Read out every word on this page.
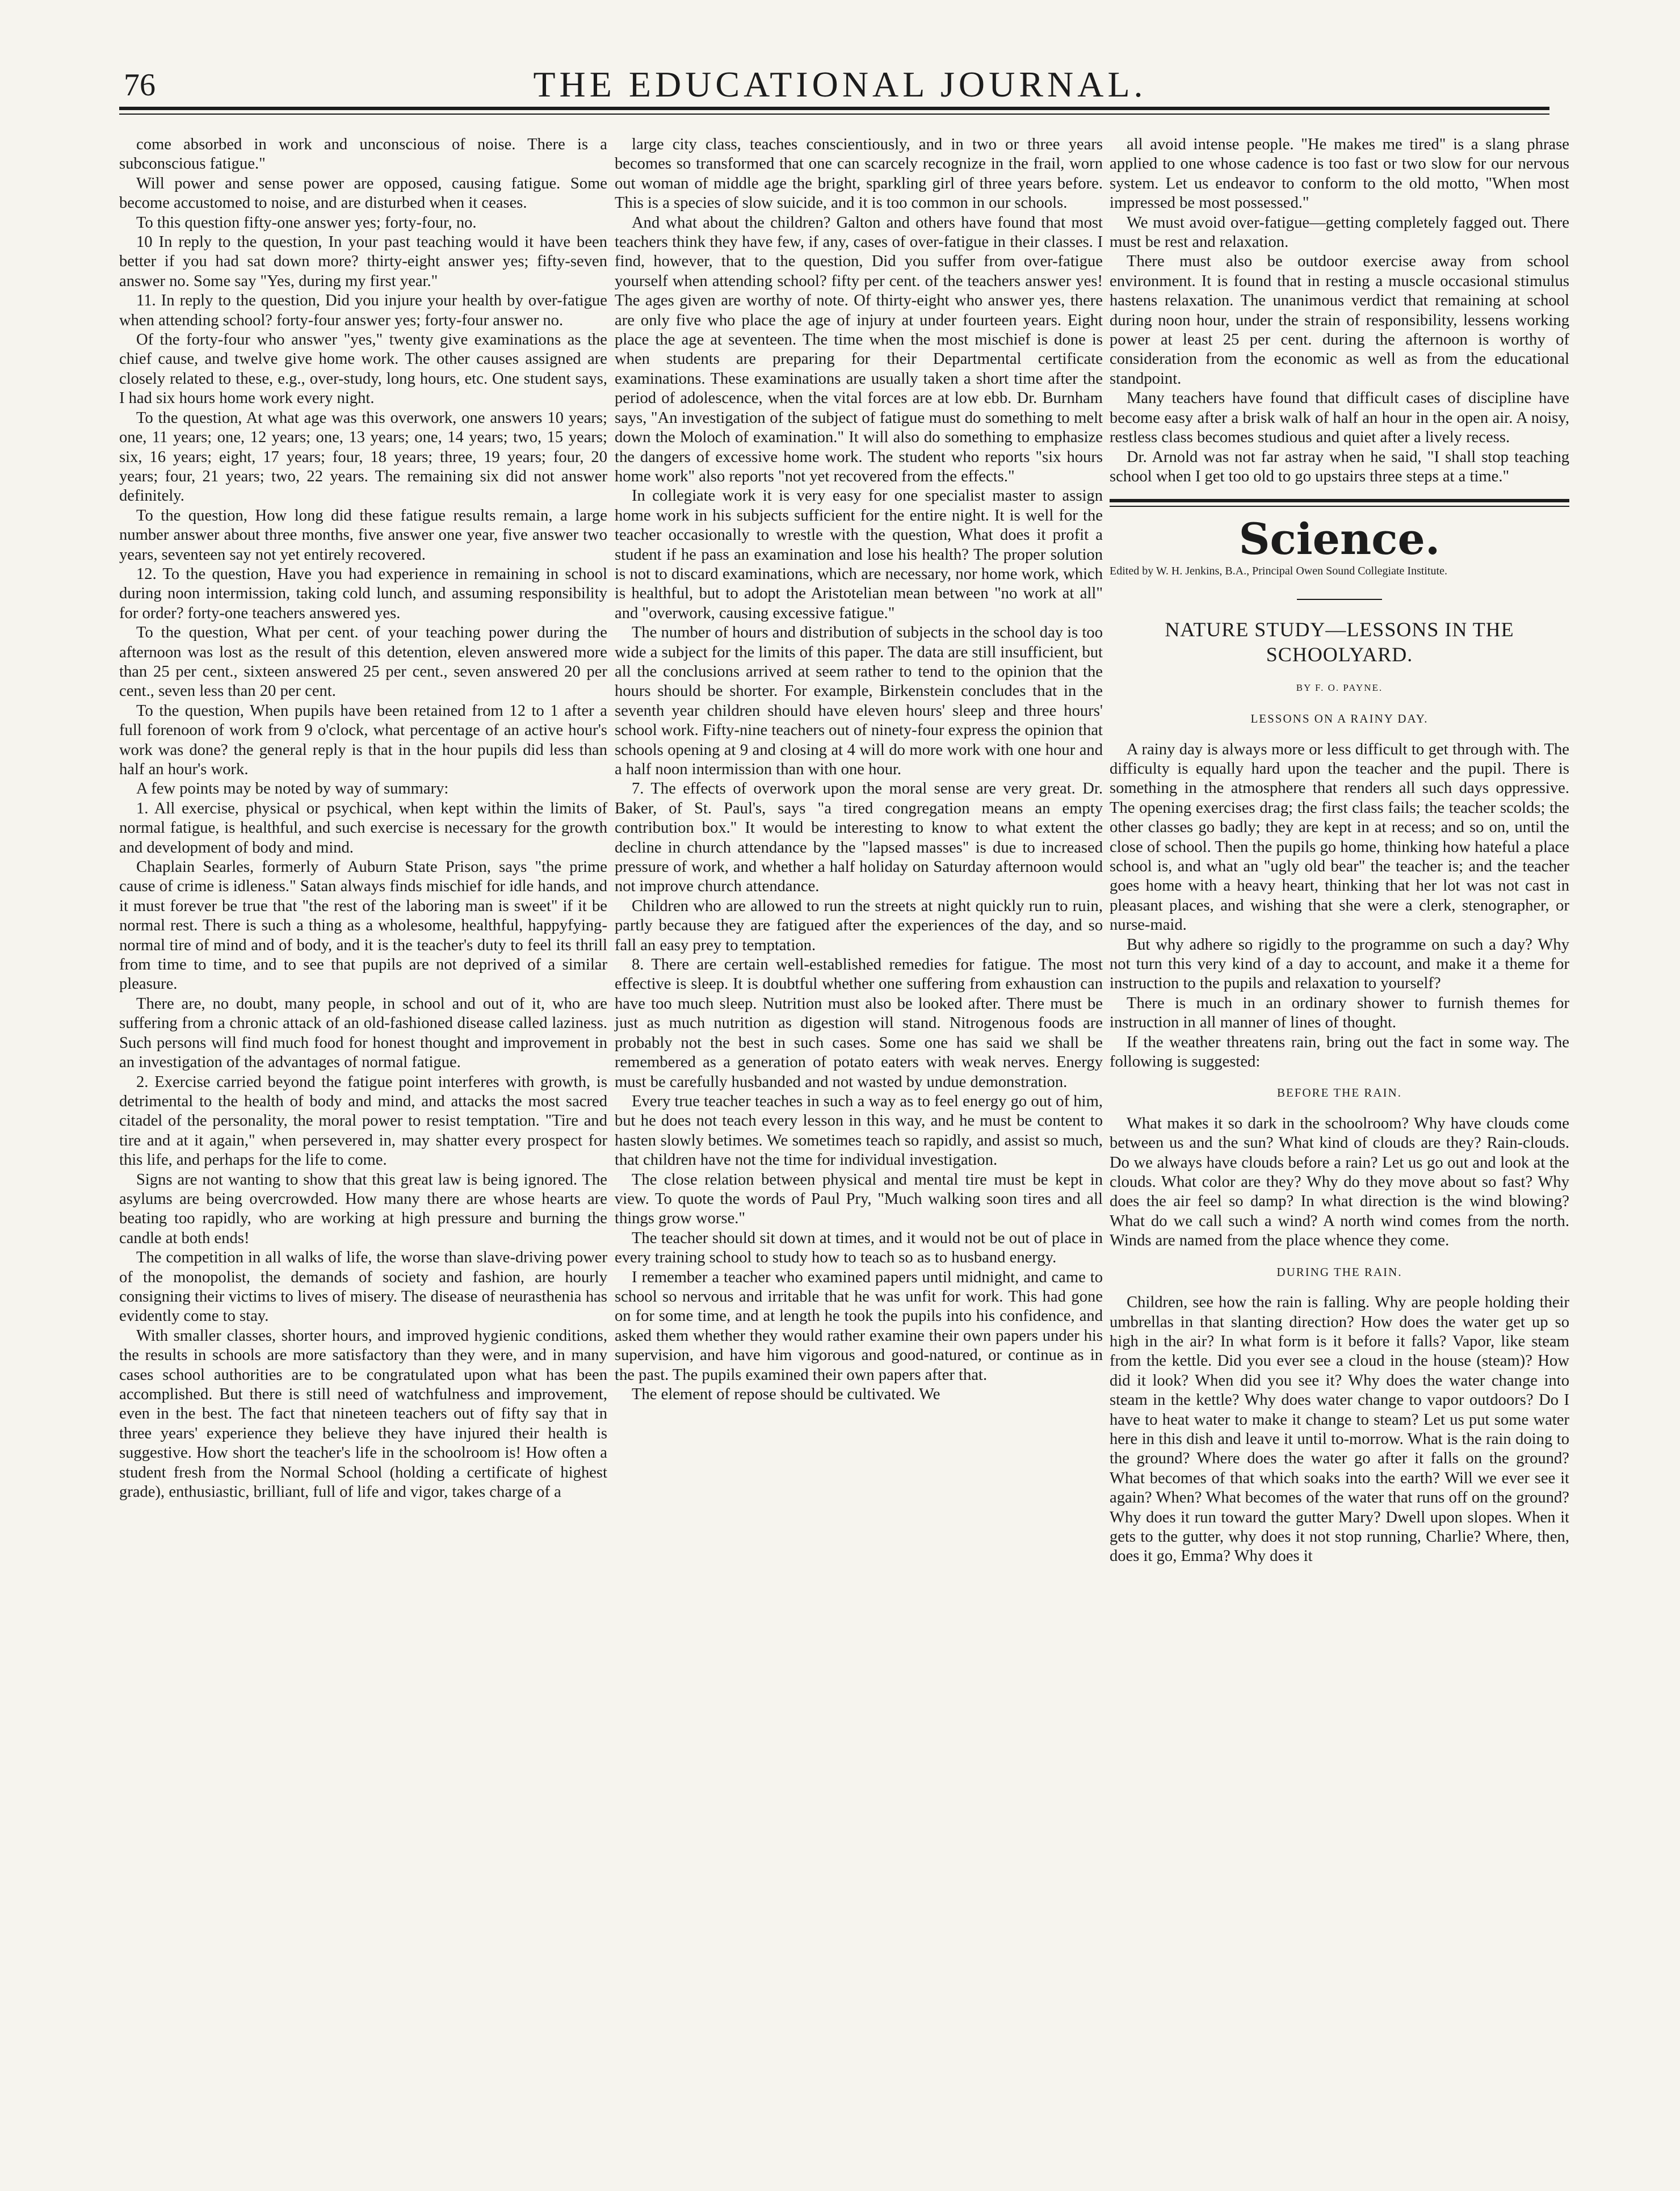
76	THE EDUCATIONAL JOURNAL.

come absorbed in work and unconscious of noise. There is a subconscious fatigue."

Will power and sense power are opposed, causing fatigue. Some become accustomed to noise, and are disturbed when it ceases.

To this question fifty-one answer yes; forty-four, no.

10 In reply to the question, In your past teaching would it have been better if you had sat down more? thirty-eight answer yes; fifty-seven answer no. Some say "Yes, during my first year."

11. In reply to the question, Did you injure your health by over-fatigue when attending school? forty-four answer yes; forty-four answer no.

Of the forty-four who answer "yes," twenty give examinations as the chief cause, and twelve give home work. The other causes assigned are closely related to these, e.g., over-study, long hours, etc. One student says, I had six hours home work every night.

To the question, At what age was this overwork, one answers 10 years; one, 11 years; one, 12 years; one, 13 years; one, 14 years; two, 15 years; six, 16 years; eight, 17 years; four, 18 years; three, 19 years; four, 20 years; four, 21 years; two, 22 years. The remaining six did not answer definitely.

To the question, How long did these fatigue results remain, a large number answer about three months, five answer one year, five answer two years, seventeen say not yet entirely recovered.

12. To the question, Have you had experience in remaining in school during noon intermission, taking cold lunch, and assuming responsibility for order? forty-one teachers answered yes.

To the question, What per cent. of your teaching power during the afternoon was lost as the result of this detention, eleven answered more than 25 per cent., sixteen answered 25 per cent., seven answered 20 per cent., seven less than 20 per cent.

To the question, When pupils have been retained from 12 to 1 after a full forenoon of work from 9 o'clock, what percentage of an active hour's work was done? the general reply is that in the hour pupils did less than half an hour's work.

A few points may be noted by way of summary:

1. All exercise, physical or psychical, when kept within the limits of normal fatigue, is healthful, and such exercise is necessary for the growth and development of body and mind.

Chaplain Searles, formerly of Auburn State Prison, says "the prime cause of crime is idleness." Satan always finds mischief for idle hands, and it must forever be true that "the rest of the laboring man is sweet" if it be normal rest. There is such a thing as a wholesome, healthful, happyfying-normal tire of mind and of body, and it is the teacher's duty to feel its thrill from time to time, and to see that pupils are not deprived of a similar pleasure.

There are, no doubt, many people, in school and out of it, who are suffering from a chronic attack of an old-fashioned disease called laziness. Such persons will find much food for honest thought and improvement in an investigation of the advantages of normal fatigue.

2. Exercise carried beyond the fatigue point interferes with growth, is detrimental to the health of body and mind, and attacks the most sacred citadel of the personality, the moral power to resist temptation. "Tire and tire and at it again," when persevered in, may shatter every prospect for this life, and perhaps for the life to come.

Signs are not wanting to show that this great law is being ignored. The asylums are being overcrowded. How many there are whose hearts are beating too rapidly, who are working at high pressure and burning the candle at both ends!

The competition in all walks of life, the worse than slave-driving power of the monopolist, the demands of society and fashion, are hourly consigning their victims to lives of misery. The disease of neurasthenia has evidently come to stay.

With smaller classes, shorter hours, and improved hygienic conditions, the results in schools are more satisfactory than they were, and in many cases school authorities are to be congratulated upon what has been accomplished. But there is still need of watchfulness and improvement, even in the best. The fact that nineteen teachers out of fifty say that in three years' experience they believe they have injured their health is suggestive. How short the teacher's life in the schoolroom is! How often a student fresh from the Normal School (holding a certificate of highest grade), enthusiastic, brilliant, full of life and vigor, takes charge of a

large city class, teaches conscientiously, and in two or three years becomes so transformed that one can scarcely recognize in the frail, worn out woman of middle age the bright, sparkling girl of three years before. This is a species of slow suicide, and it is too common in our schools.

And what about the children? Galton and others have found that most teachers think they have few, if any, cases of over-fatigue in their classes. I find, however, that to the question, Did you suffer from over-fatigue yourself when attending school? fifty per cent. of the teachers answer yes! The ages given are worthy of note. Of thirty-eight who answer yes, there are only five who place the age of injury at under fourteen years. Eight place the age at seventeen. The time when the most mischief is done is when students are preparing for their Departmental certificate examinations. These examinations are usually taken a short time after the period of adolescence, when the vital forces are at low ebb. Dr. Burnham says, "An investigation of the subject of fatigue must do something to melt down the Moloch of examination." It will also do something to emphasize the dangers of excessive home work. The student who reports "six hours home work" also reports "not yet recovered from the effects."

In collegiate work it is very easy for one specialist master to assign home work in his subjects sufficient for the entire night. It is well for the teacher occasionally to wrestle with the question, What does it profit a student if he pass an examination and lose his health? The proper solution is not to discard examinations, which are necessary, nor home work, which is healthful, but to adopt the Aristotelian mean between "no work at all" and "overwork, causing excessive fatigue."

The number of hours and distribution of subjects in the school day is too wide a subject for the limits of this paper. The data are still insufficient, but all the conclusions arrived at seem rather to tend to the opinion that the hours should be shorter. For example, Birkenstein concludes that in the seventh year children should have eleven hours' sleep and three hours' school work. Fifty-nine teachers out of ninety-four express the opinion that schools opening at 9 and closing at 4 will do more work with one hour and a half noon intermission than with one hour.

7. The effects of overwork upon the moral sense are very great. Dr. Baker, of St. Paul's, says "a tired congregation means an empty contribution box." It would be interesting to know to what extent the decline in church attendance by the "lapsed masses" is due to increased pressure of work, and whether a half holiday on Saturday afternoon would not improve church attendance.

Children who are allowed to run the streets at night quickly run to ruin, partly because they are fatigued after the experiences of the day, and so fall an easy prey to temptation.

8. There are certain well-established remedies for fatigue. The most effective is sleep. It is doubtful whether one suffering from exhaustion can have too much sleep. Nutrition must also be looked after. There must be just as much nutrition as digestion will stand. Nitrogenous foods are probably not the best in such cases. Some one has said we shall be remembered as a generation of potato eaters with weak nerves. Energy must be carefully husbanded and not wasted by undue demonstration.

Every true teacher teaches in such a way as to feel energy go out of him, but he does not teach every lesson in this way, and he must be content to hasten slowly betimes. We sometimes teach so rapidly, and assist so much, that children have not the time for individual investigation.

The close relation between physical and mental tire must be kept in view. To quote the words of Paul Pry, "Much walking soon tires and all things grow worse."

The teacher should sit down at times, and it would not be out of place in every training school to study how to teach so as to husband energy.

I remember a teacher who examined papers until midnight, and came to school so nervous and irritable that he was unfit for work. This had gone on for some time, and at length he took the pupils into his confidence, and asked them whether they would rather examine their own papers under his supervision, and have him vigorous and good-natured, or continue as in the past. The pupils examined their own papers after that.

The element of repose should be cultivated. We

all avoid intense people. "He makes me tired" is a slang phrase applied to one whose cadence is too fast or two slow for our nervous system. Let us endeavor to conform to the old motto, "When most impressed be most possessed."

We must avoid over-fatigue—getting completely fagged out. There must be rest and relaxation.

There must also be outdoor exercise away from school environment. It is found that in resting a muscle occasional stimulus hastens relaxation. The unanimous verdict that remaining at school during noon hour, under the strain of responsibility, lessens working power at least 25 per cent. during the afternoon is worthy of consideration from the economic as well as from the educational standpoint.

Many teachers have found that difficult cases of discipline have become easy after a brisk walk of half an hour in the open air. A noisy, restless class becomes studious and quiet after a lively recess.

Dr. Arnold was not far astray when he said, "I shall stop teaching school when I get too old to go upstairs three steps at a time."

Science.

Edited by W. H. Jenkins, B.A., Principal Owen Sound Collegiate Institute.

NATURE STUDY—LESSONS IN THE SCHOOLYARD.

BY F. O. PAYNE.

LESSONS ON A RAINY DAY.

A rainy day is always more or less difficult to get through with. The difficulty is equally hard upon the teacher and the pupil. There is something in the atmosphere that renders all such days oppressive. The opening exercises drag; the first class fails; the teacher scolds; the other classes go badly; they are kept in at recess; and so on, until the close of school. Then the pupils go home, thinking how hateful a place school is, and what an "ugly old bear" the teacher is; and the teacher goes home with a heavy heart, thinking that her lot was not cast in pleasant places, and wishing that she were a clerk, stenographer, or nurse-maid.

But why adhere so rigidly to the programme on such a day? Why not turn this very kind of a day to account, and make it a theme for instruction to the pupils and relaxation to yourself?

There is much in an ordinary shower to furnish themes for instruction in all manner of lines of thought.

If the weather threatens rain, bring out the fact in some way. The following is suggested:

BEFORE THE RAIN.

What makes it so dark in the schoolroom? Why have clouds come between us and the sun? What kind of clouds are they? Rain-clouds. Do we always have clouds before a rain? Let us go out and look at the clouds. What color are they? Why do they move about so fast? Why does the air feel so damp? In what direction is the wind blowing? What do we call such a wind? A north wind comes from the north. Winds are named from the place whence they come.

DURING THE RAIN.

Children, see how the rain is falling. Why are people holding their umbrellas in that slanting direction? How does the water get up so high in the air? In what form is it before it falls? Vapor, like steam from the kettle. Did you ever see a cloud in the house (steam)? How did it look? When did you see it? Why does the water change into steam in the kettle? Why does water change to vapor outdoors? Do I have to heat water to make it change to steam? Let us put some water here in this dish and leave it until to-morrow. What is the rain doing to the ground? Where does the water go after it falls on the ground? What becomes of that which soaks into the earth? Will we ever see it again? When? What becomes of the water that runs off on the ground? Why does it run toward the gutter Mary? Dwell upon slopes. When it gets to the gutter, why does it not stop running, Charlie? Where, then, does it go, Emma? Why does it
